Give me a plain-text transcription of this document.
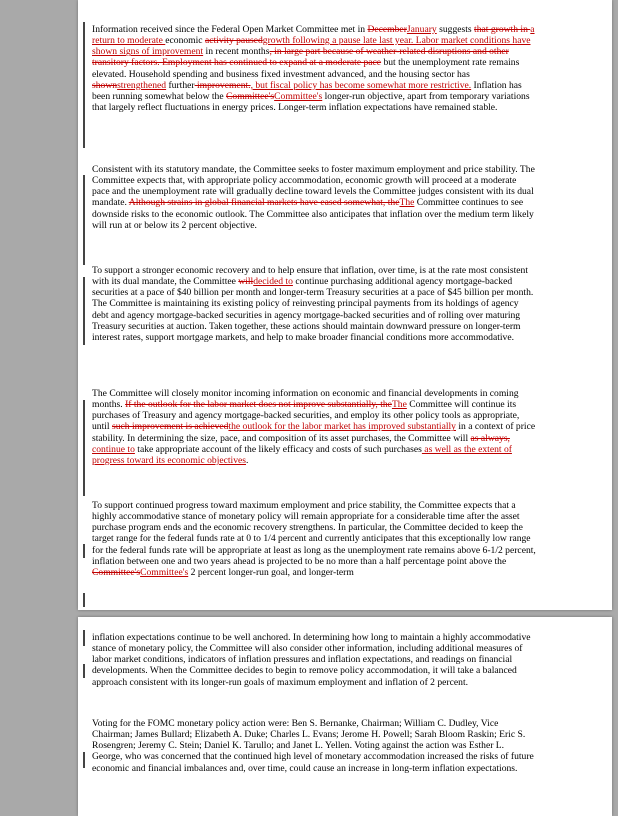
Information received since the Federal Open Market Committee met in DecemberJanuary suggests that growth in a return to moderate economic activity pausedgrowth following a pause late last year. Labor market conditions have shown signs of improvement in recent months, in large part because of weather-related disruptions and other transitory factors. Employment has continued to expand at a moderate pace but the unemployment rate remains elevated. Household spending and business fixed investment advanced, and the housing sector has shownstrengthened further improvement., but fiscal policy has become somewhat more restrictive. Inflation has been running somewhat below the Committee'sCommittee's longer-run objective, apart from temporary variations that largely reflect fluctuations in energy prices. Longer-term inflation expectations have remained stable.

Consistent with its statutory mandate, the Committee seeks to foster maximum employment and price stability. The Committee expects that, with appropriate policy accommodation, economic growth will proceed at a moderate pace and the unemployment rate will gradually decline toward levels the Committee judges consistent with its dual mandate. Although strains in global financial markets have eased somewhat, theThe Committee continues to see downside risks to the economic outlook. The Committee also anticipates that inflation over the medium term likely will run at or below its 2 percent objective.

To support a stronger economic recovery and to help ensure that inflation, over time, is at the rate most consistent with its dual mandate, the Committee willdecided to continue purchasing additional agency mortgage-backed securities at a pace of $40 billion per month and longer-term Treasury securities at a pace of $45 billion per month. The Committee is maintaining its existing policy of reinvesting principal payments from its holdings of agency debt and agency mortgage-backed securities in agency mortgage-backed securities and of rolling over maturing Treasury securities at auction. Taken together, these actions should maintain downward pressure on longer-term interest rates, support mortgage markets, and help to make broader financial conditions more accommodative.

The Committee will closely monitor incoming information on economic and financial developments in coming months. If the outlook for the labor market does not improve substantially, theThe Committee will continue its purchases of Treasury and agency mortgage-backed securities, and employ its other policy tools as appropriate, until such improvement is achievedthe outlook for the labor market has improved substantially in a context of price stability. In determining the size, pace, and composition of its asset purchases, the Committee will as always, continue to take appropriate account of the likely efficacy and costs of such purchases as well as the extent of progress toward its economic objectives.

To support continued progress toward maximum employment and price stability, the Committee expects that a highly accommodative stance of monetary policy will remain appropriate for a considerable time after the asset purchase program ends and the economic recovery strengthens. In particular, the Committee decided to keep the target range for the federal funds rate at 0 to 1/4 percent and currently anticipates that this exceptionally low range for the federal funds rate will be appropriate at least as long as the unemployment rate remains above 6-1/2 percent, inflation between one and two years ahead is projected to be no more than a half percentage point above the Committee'sCommittee's 2 percent longer-run goal, and longer-term

inflation expectations continue to be well anchored. In determining how long to maintain a highly accommodative stance of monetary policy, the Committee will also consider other information, including additional measures of labor market conditions, indicators of inflation pressures and inflation expectations, and readings on financial developments. When the Committee decides to begin to remove policy accommodation, it will take a balanced approach consistent with its longer-run goals of maximum employment and inflation of 2 percent.

Voting for the FOMC monetary policy action were: Ben S. Bernanke, Chairman; William C. Dudley, Vice Chairman; James Bullard; Elizabeth A. Duke; Charles L. Evans; Jerome H. Powell; Sarah Bloom Raskin; Eric S. Rosengren; Jeremy C. Stein; Daniel K. Tarullo; and Janet L. Yellen. Voting against the action was Esther L. George, who was concerned that the continued high level of monetary accommodation increased the risks of future economic and financial imbalances and, over time, could cause an increase in long-term inflation expectations.
